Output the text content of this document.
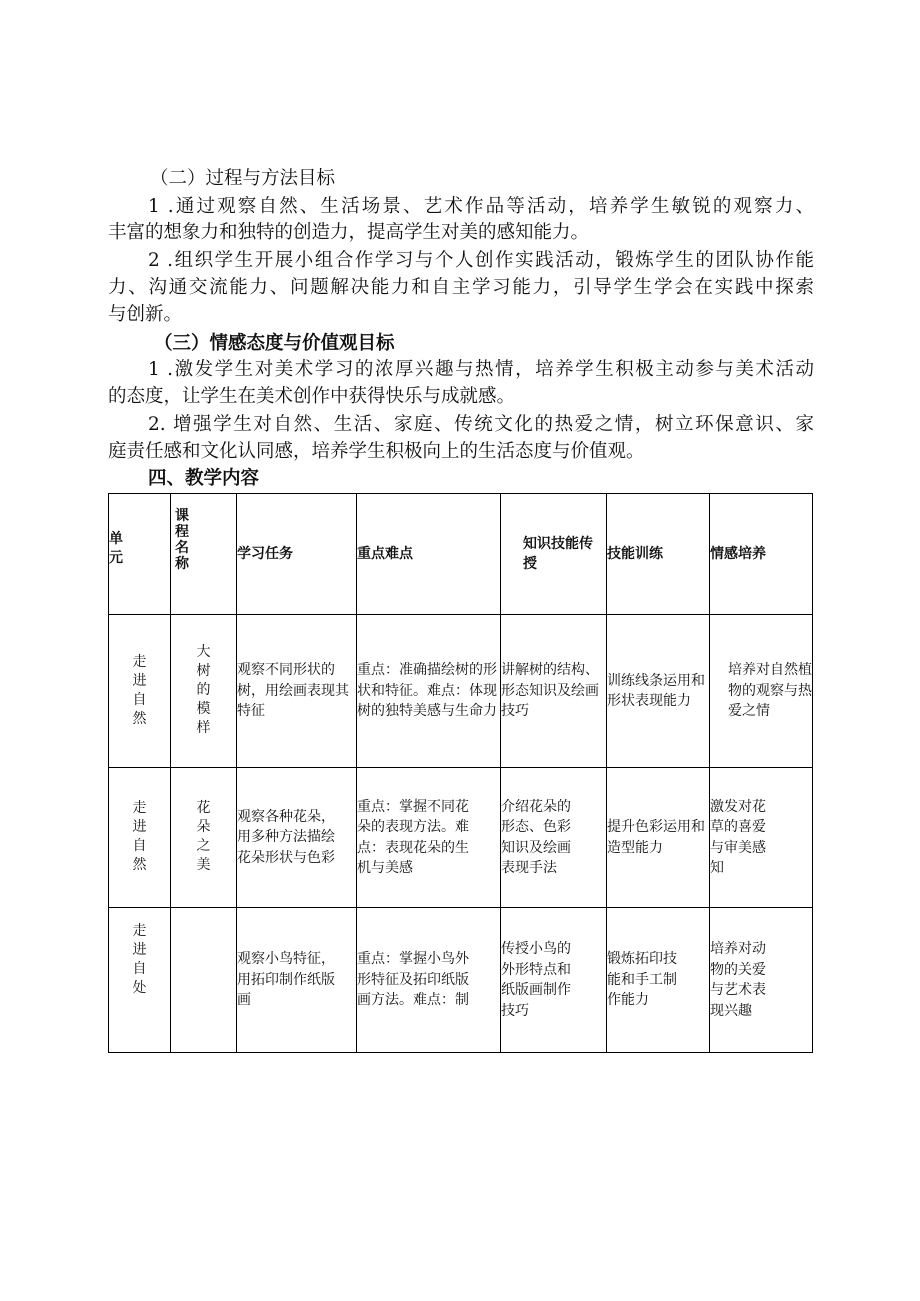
（二）过程与方法目标
1 .通过观察自然、生活场景、艺术作品等活动，培养学生敏锐的观察力、
丰富的想象力和独特的创造力，提高学生对美的感知能力。
2 .组织学生开展小组合作学习与个人创作实践活动，锻炼学生的团队协作能
力、沟通交流能力、问题解决能力和自主学习能力，引导学生学会在实践中探索
与创新。
（三）情感态度与价值观目标
1 .激发学生对美术学习的浓厚兴趣与热情，培养学生积极主动参与美术活动
的态度，让学生在美术创作中获得快乐与成就感。
2. 增强学生对自然、生活、家庭、传统文化的热爱之情，树立环保意识、家
庭责任感和文化认同感，培养学生积极向上的生活态度与价值观。
四、教学内容
单元	课程名称	学习任务	重点难点	知识技能传授	技能训练	情感培养
走进自然	大树的模样	观察不同形状的树，用绘画表现其特征	重点：准确描绘树的形状和特征。难点：体现树的独特美感与生命力	讲解树的结构、形态知识及绘画技巧	训练线条运用和形状表现能力	培养对自然植物的观察与热爱之情
走进自然	花朵之美	观察各种花朵，用多种方法描绘花朵形状与色彩	重点：掌握不同花朵的表现方法。难点：表现花朵的生机与美感	介绍花朵的形态、色彩知识及绘画表现手法	提升色彩运用和造型能力	激发对花草的喜爱与审美感知
走进自处		观察小鸟特征，用拓印制作纸版画	重点：掌握小鸟外形特征及拓印纸版画方法。难点：制	传授小鸟的外形特点和纸版画制作技巧	锻炼拓印技能和手工制作能力	培养对动物的关爱与艺术表现兴趣
